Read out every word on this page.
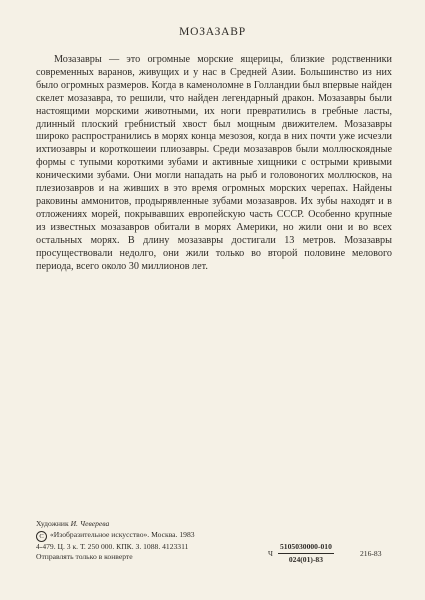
МОЗАЗАВР

Мозазавры — это огромные морские ящерицы, близкие родственники современных варанов, живущих и у нас в Средней Азии. Большинство из них было огромных размеров. Когда в каменоломне в Голландии был впервые найден скелет мозазавра, то решили, что найден легендарный дракон. Мозазавры были настоящими морскими животными, их ноги превратились в гребные ласты, длинный плоский гребнистый хвост был мощным движителем. Мозазавры широко распространились в морях конца мезозоя, когда в них почти уже исчезли ихтиозавры и короткошеии плиозавры. Среди мозазавров были моллюскоядные формы с тупыми короткими зубами и активные хищники с острыми кривыми коническими зубами. Они могли нападать на рыб и головоногих моллюсков, на плезиозавров и на живших в это время огромных морских черепах. Найдены раковины аммонитов, продырявленные зубами мозазавров. Их зубы находят и в отложениях морей, покрывавших европейскую часть СССР. Особенно крупные из известных мозазавров обитали в морях Америки, но жили они и во всех остальных морях. В длину мозазавры достигали 13 метров. Мозазавры просуществовали недолго, они жили только во второй половине мелового периода, всего около 30 миллионов лет.

Художник И. Чеверева
C «Изобразительное искусство». Москва. 1983
4-479. Ц. 3 к. Т. 250 000. КПК. З. 1088. 4123311
Отправлять только в конверте	Ч $\frac{5105030000-010}{024(01)-83}$	216-83
